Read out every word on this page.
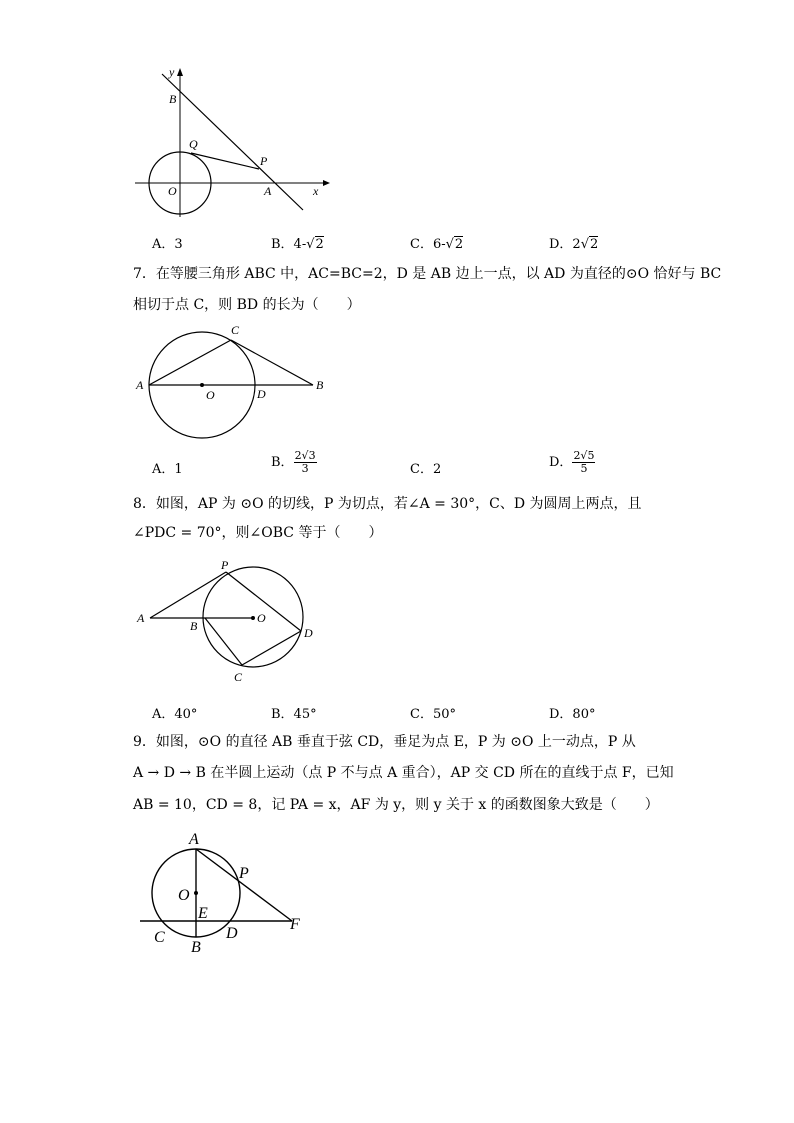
y
B
Q
P
O	A	x
A．3	B．4-√2	C．6-√2	D．2√2
7．在等腰三角形 ABC 中，AC=BC=2，D 是 AB 边上一点，以 AD 为直径的⊙O 恰好与 BC
相切于点 C，则 BD 的长为（　　）
A
C
O	D
B
A．1	B． $\frac{2√3}{3}$	C．2	D． $\frac{2√5}{5}$
8．如图，AP 为 ⊙O 的切线，P 为切点，若∠A = 30°，C、D 为圆周上两点，且
∠PDC = 70°，则∠OBC 等于（　　）
P
A
B
O
D
C
A．40°	B．45°	C．50°	D．80°
9．如图，⊙O 的直径 AB 垂直于弦 CD，垂足为点 E，P 为 ⊙O 上一动点，P 从
A → D → B 在半圆上运动（点 P 不与点 A 重合），AP 交 CD 所在的直线于点 F，已知
AB = 10，CD = 8，记 PA = x，AF 为 y，则 y 关于 x 的函数图象大致是（　　）
A
P
O
E
C
B
D
F
